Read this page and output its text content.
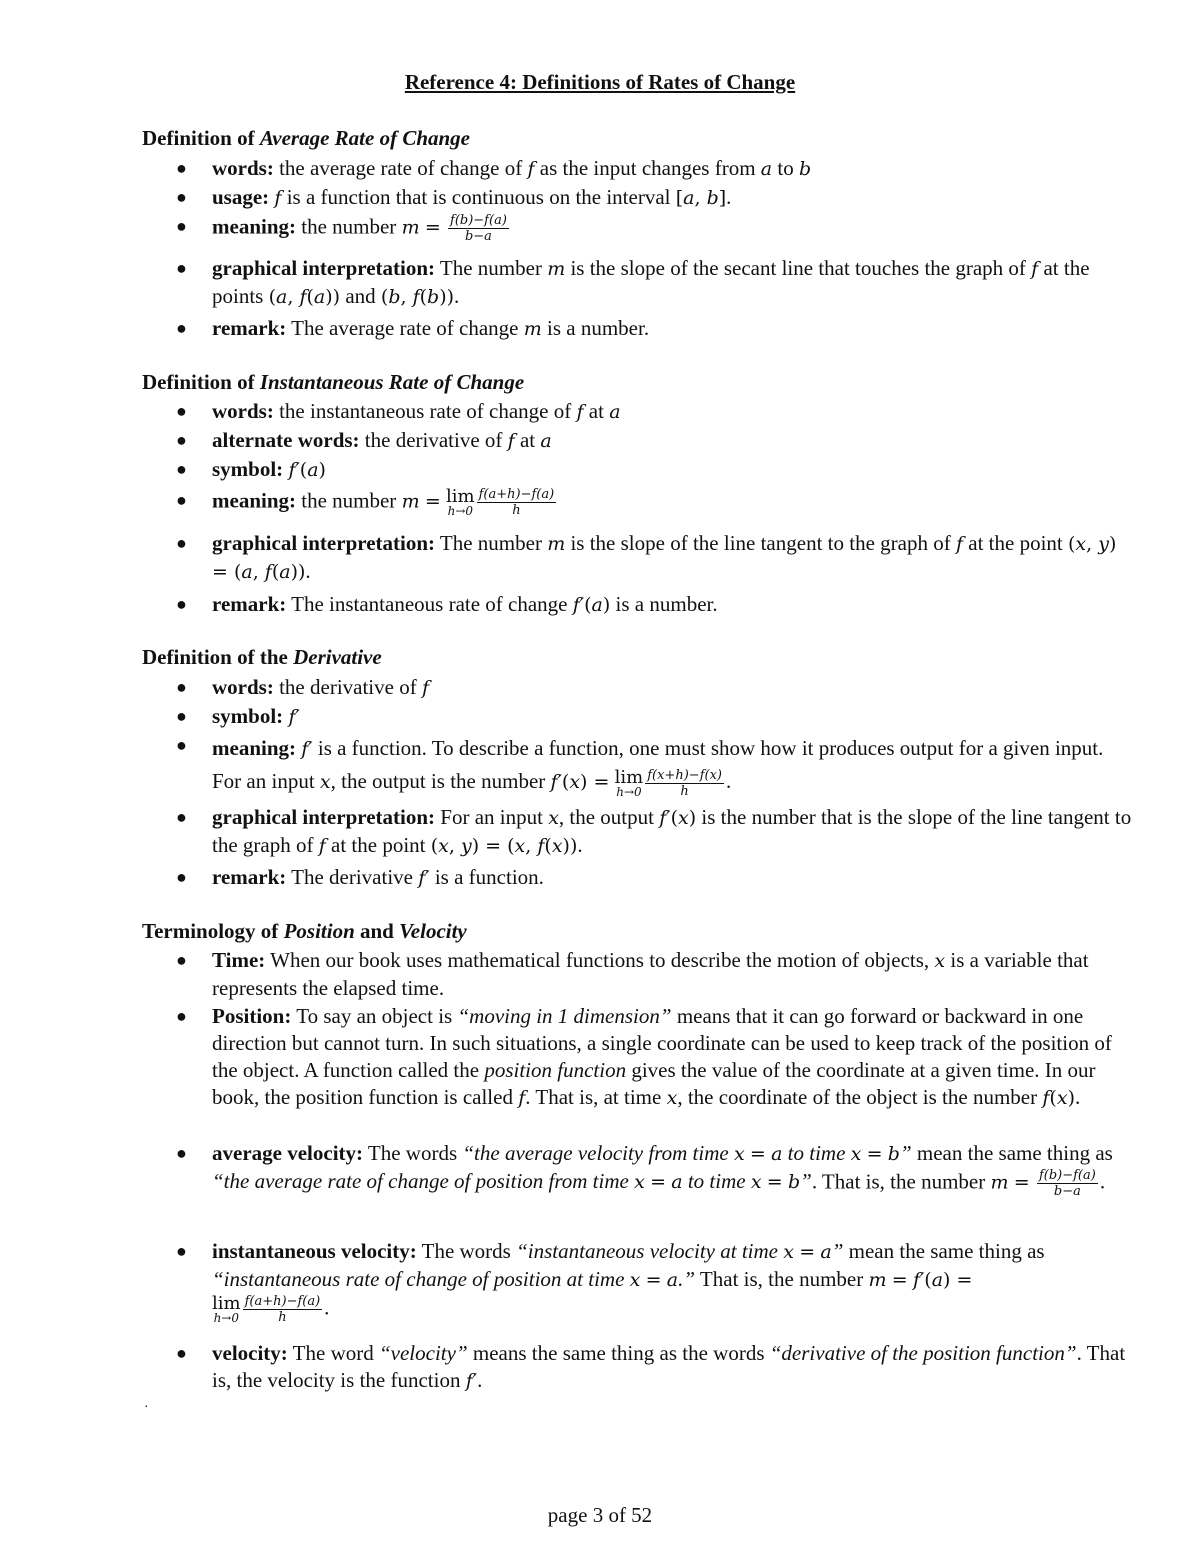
Reference 4: Definitions of Rates of Change
Definition of Average Rate of Change
● words: the average rate of change of f as the input changes from a to b
● usage: f is a function that is continuous on the interval [a, b].
● meaning: the number $m = \frac{f(b)-f(a)}{b-a}$
● graphical interpretation: The number m is the slope of the secant line that touches the graph of f at the points (a, f(a)) and (b, f(b)).
● remark: The average rate of change m is a number.
Definition of Instantaneous Rate of Change
● words: the instantaneous rate of change of f at a
● alternate words: the derivative of f at a
● symbol: f′(a)
● meaning: the number m = lim
$h\to 0 \frac{f(a+h)-f(a)}{h}$
● graphical interpretation: The number m is the slope of the line tangent to the graph of f at the point (x, y) = (a, f(a)).
● remark: The instantaneous rate of change f′(a) is a number.
Definition of the Derivative
● words: the derivative of f
● symbol: f′
● meaning: f′ is a function. To describe a function, one must show how it produces output for a given input. For an input x, the output is the number f′(x) = lim
$h\to 0 \frac{f(x+h)-f(x)}{h}$ .
● graphical interpretation: For an input x, the output f′(x) is the number that is the slope of the line tangent to the graph of f at the point (x, y) = (x, f(x)).
● remark: The derivative f′ is a function.
Terminology of Position and Velocity
● Time: When our book uses mathematical functions to describe the motion of objects, x is a variable that represents the elapsed time.
● Position: To say an object is “moving in 1 dimension” means that it can go forward or backward in one direction but cannot turn. In such situations, a single coordinate can be used to keep track of the position of the object. A function called the position function gives the value of the coordinate at a given time. In our book, the position function is called f. That is, at time x, the coordinate of the object is the number f(x).
● average velocity: The words “the average velocity from time x = a to time x = b” mean the same thing as “the average rate of change of position from time x = a to time x = b”. That is, the number $m = \frac{f(b)-f(a)}{b-a}$ .
● instantaneous velocity: The words “instantaneous velocity at time x = a” mean the same thing as “instantaneous rate of change of position at time x = a.” That is, the number m = f′(a) =

lim
$h\to 0 \frac{f(a+h)-f(a)}{h}$ .
● velocity: The word “velocity” means the same thing as the words “derivative of the position function”. That is, the velocity is the function f′.
·
page 3 of 52
